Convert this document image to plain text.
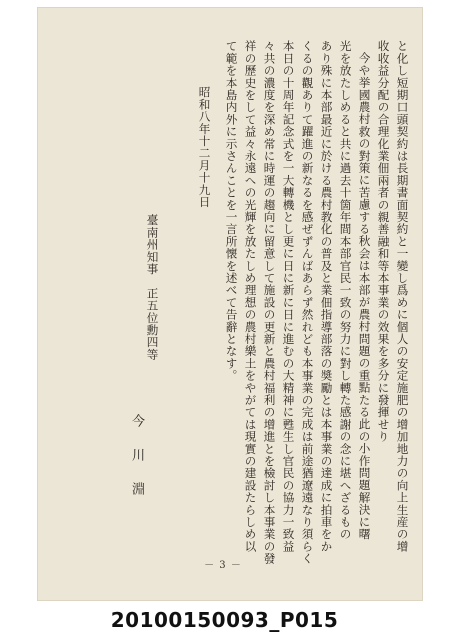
と化し短期口頭契約は長期書面契約と一變し爲めに個人の安定施肥の增加地力の向上生産の增
收收益分配の合理化業佃兩者の親善融和等本事業の效果を多分に發揮せり
今や挙國農村救の對策に苦慮する秋会は本部が農村問題の重點たる此の小作問題解決に曙
光を放たしめると共に過去十箇年間本部官民一致の努力に對し轉た感謝の念に堪へざるもの
あり殊に本部最近に於ける農村教化の普及と業佃指導部落の奬勵とは本事業の達成に拍車をか
くるの觀ありて躍進の新なるを感ぜずんばあらず然れども本事業の完成は前途猶遼遠なり須らく
本日の十周年記念式を一大轉機とし更に日に新に日に進むの大精神に甦生し官民の協力一致益
々共の濃度を深め常に時運の趨向に留意して施設の更新と農村福利の增進とを檢討し本事業の發
祥の歷史をして益々永遠への光輝を放たしめ理想の農村樂土をやがては現實の建設たらしめ以
て範を本島内外に示さんことを一言所懐を述べて告辭となす。
昭和八年十二月十九日
臺南州知事　正五位勳四等
今　川　淵
－ 3 －
20100150093_P015
